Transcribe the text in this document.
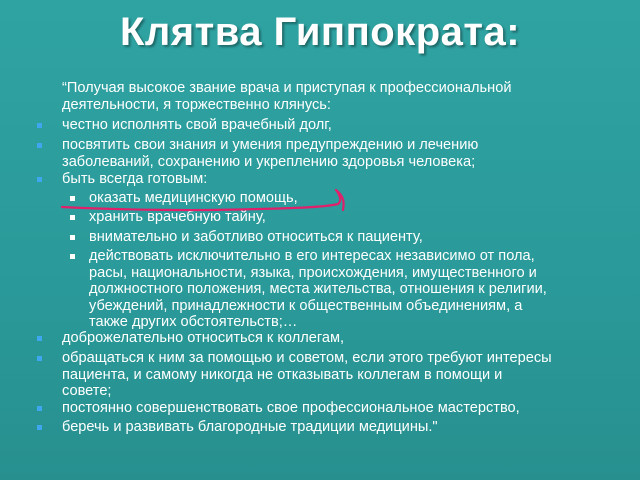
Клятва Гиппократа:
“Получая высокое звание врача и приступая к профессиональной
деятельности, я торжественно клянусь:
честно исполнять свой врачебный долг,
посвятить свои знания и умения предупреждению и лечению
заболеваний, сохранению и укреплению здоровья человека;
быть всегда готовым:
оказать медицинскую помощь,
хранить врачебную тайну,
внимательно и заботливо относиться к пациенту,
действовать исключительно в его интересах независимо от пола,
расы, национальности, языка, происхождения, имущественного и
должностного положения, места жительства, отношения к религии,
убеждений, принадлежности к общественным объединениям, а
также других обстоятельств;…
доброжелательно относиться к коллегам,
обращаться к ним за помощью и советом, если этого требуют интересы
пациента, и самому никогда не отказывать коллегам в помощи и
совете;
постоянно совершенствовать свое профессиональное мастерство,
беречь и развивать благородные традиции медицины."
